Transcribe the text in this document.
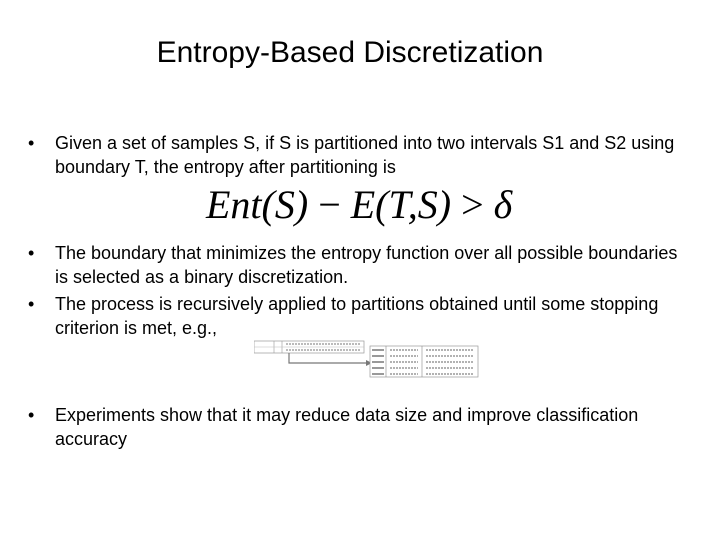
Entropy-Based Discretization
• Given a set of samples S, if S is partitioned into two intervals S1 and S2 using boundary T, the entropy after partitioning is
Ent(S) − E(T,S) > δ
• The boundary that minimizes the entropy function over all possible boundaries is selected as a binary discretization.
• The process is recursively applied to partitions obtained until some stopping criterion is met, e.g.,
• Experiments show that it may reduce data size and improve classification accuracy
